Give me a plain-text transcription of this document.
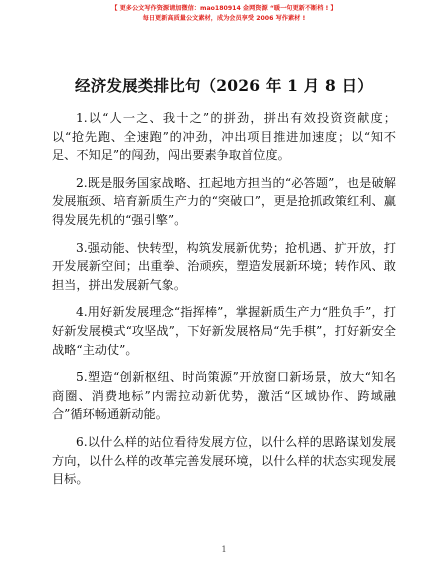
【 更多公文写作资源请加微信：mao180914 金网资源 “暖一句更新不断档 ! 】
每日更新高质量公文素材，成为会员享受 2006 写作素材 !
经济发展类排比句（2026 年 1 月 8 日）

1.以“人一之、我十之”的拼劲，拼出有效投资资献度；以“抢先跑、全速跑”的冲劲，冲出项目推进加速度；以“知不足、不知足”的闯劲，闯出要素争取首位度。

2.既是服务国家战略、扛起地方担当的“必答题”，也是破解发展瓶颈、培育新质生产力的“突破口”，更是抢抓政策红利、赢得发展先机的“强引擎”。

3.强动能、快转型，构筑发展新优势；抢机遇、扩开放，打开发展新空间；出重拳、治顽疾，塑造发展新环境；转作风、敢担当，拼出发展新气象。

4.用好新发展理念“指挥棒”，掌握新质生产力“胜负手”，打好新发展模式“攻坚战”，下好新发展格局“先手棋”，打好新安全战略“主动仗”。

5.塑造“创新枢纽、时尚策源”开放窗口新场景，放大“知名商圈、消费地标”内需拉动新优势，激活“区域协作、跨域融合”循环畅通新动能。

6.以什么样的站位看待发展方位，以什么样的思路谋划发展方向，以什么样的改革完善发展环境，以什么样的状态实现发展目标。

1
